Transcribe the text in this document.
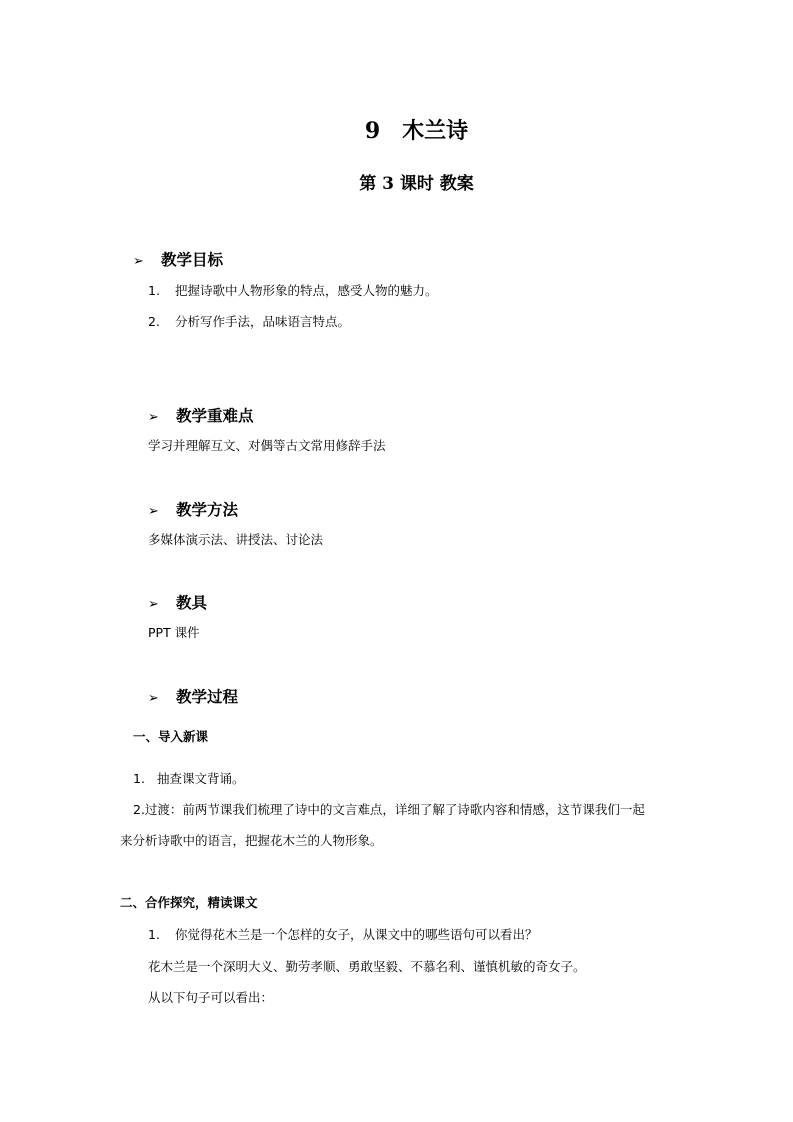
9 木兰诗
第 3 课时 教案
➢ 教学目标
1. 把握诗歌中人物形象的特点，感受人物的魅力。
2. 分析写作手法，品味语言特点。
➢ 教学重难点
学习并理解互文、对偶等古文常用修辞手法
➢ 教学方法
多媒体演示法、讲授法、讨论法
➢ 教具
PPT 课件
➢ 教学过程
一、导入新课
1. 抽查课文背诵。
2.过渡：前两节课我们梳理了诗中的文言难点，详细了解了诗歌内容和情感，这节课我们一起
来分析诗歌中的语言，把握花木兰的人物形象。
二、合作探究，精读课文
1. 你觉得花木兰是一个怎样的女子，从课文中的哪些语句可以看出？
花木兰是一个深明大义、勤劳孝顺、勇敢坚毅、不慕名利、谨慎机敏的奇女子。
从以下句子可以看出：
